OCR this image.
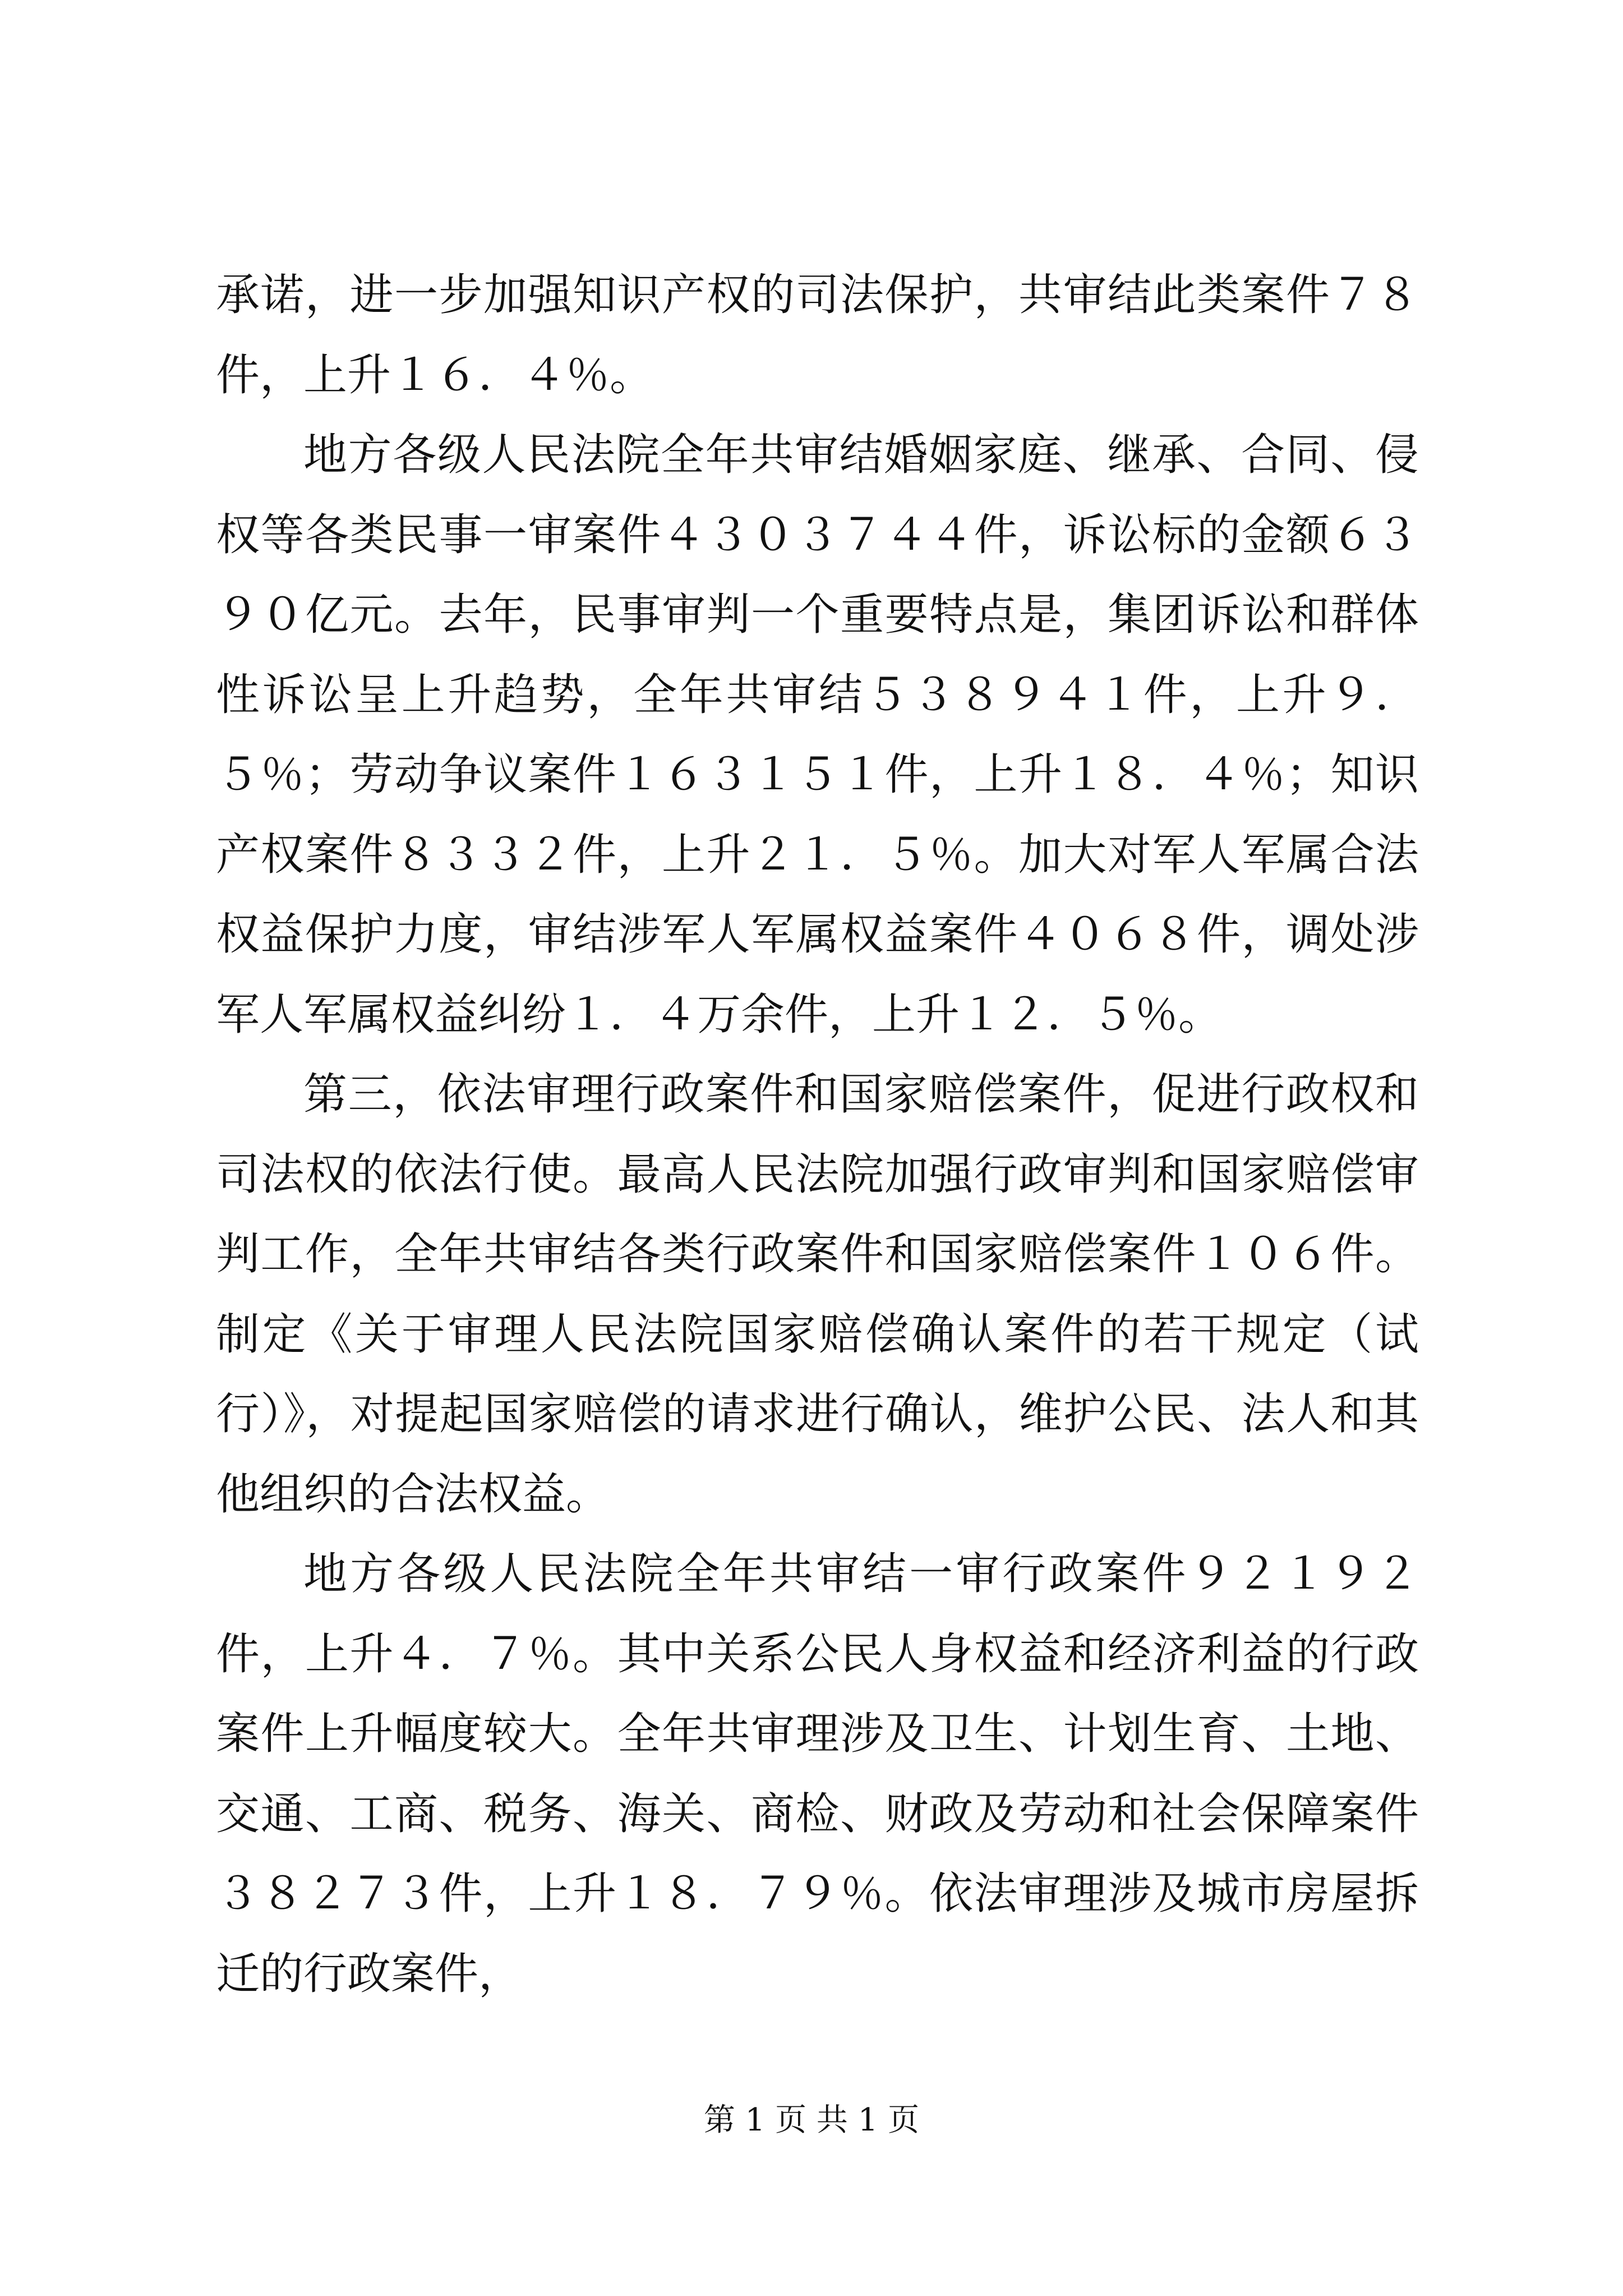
承诺，进一步加强知识产权的司法保护，共审结此类案件７８件，上升１６．４％。

地方各级人民法院全年共审结婚姻家庭、继承、合同、侵权等各类民事一审案件４３０３７４４件，诉讼标的金额６３９０亿元。去年，民事审判一个重要特点是，集团诉讼和群体性诉讼呈上升趋势，全年共审结５３８９４１件，上升９．５％；劳动争议案件１６３１５１件，上升１８．４％；知识产权案件８３３２件，上升２１．５％。加大对军人军属合法权益保护力度，审结涉军人军属权益案件４０６８件，调处涉军人军属权益纠纷１．４万余件，上升１２．５％。

第三，依法审理行政案件和国家赔偿案件，促进行政权和司法权的依法行使。最高人民法院加强行政审判和国家赔偿审判工作，全年共审结各类行政案件和国家赔偿案件１０６件。制定《关于审理人民法院国家赔偿确认案件的若干规定（试行）》，对提起国家赔偿的请求进行确认，维护公民、法人和其他组织的合法权益。

地方各级人民法院全年共审结一审行政案件９２１９２件，上升４．７％。其中关系公民人身权益和经济利益的行政案件上升幅度较大。全年共审理涉及卫生、计划生育、土地、交通、工商、税务、海关、商检、财政及劳动和社会保障案件３８２７３件，上升１８．７９％。依法审理涉及城市房屋拆迁的行政案件，

第 1 页 共 1 页
